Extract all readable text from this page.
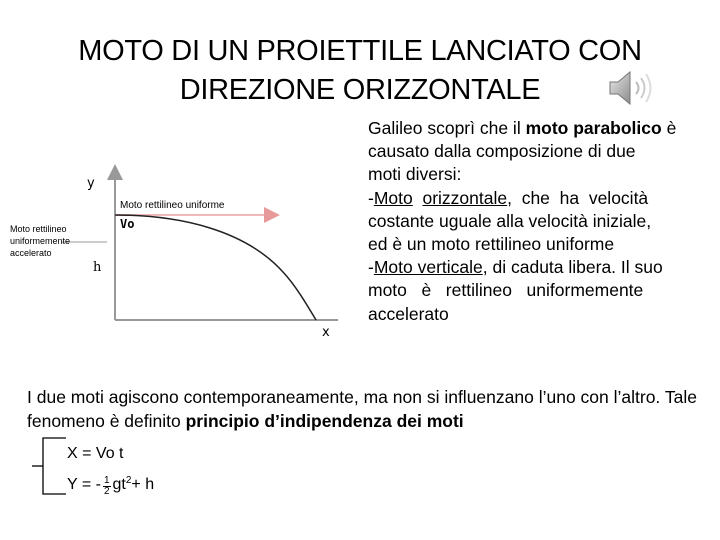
MOTO DI UN PROIETTILE LANCIATO CON
DIREZIONE ORIZZONTALE
y
x
h
Vo
Moto rettilineo uniforme
Moto rettilineo
uniformemente
accelerato

Galileo scoprì che il moto parabolico è
causato dalla composizione di due
moti diversi:
-Moto orizzontale,  che  ha  velocità
costante uguale alla velocità iniziale,
ed è un moto rettilineo uniforme
-Moto verticale, di caduta libera. Il suo
moto   è   rettilineo   uniformemente
accelerato

I due moti agiscono contemporaneamente, ma non si influenzano l’uno con l’altro. Tale fenomeno è definito principio d’indipendenza dei moti

X = Vo t
Y = - $\frac{1}{2} gt^2+ h$
